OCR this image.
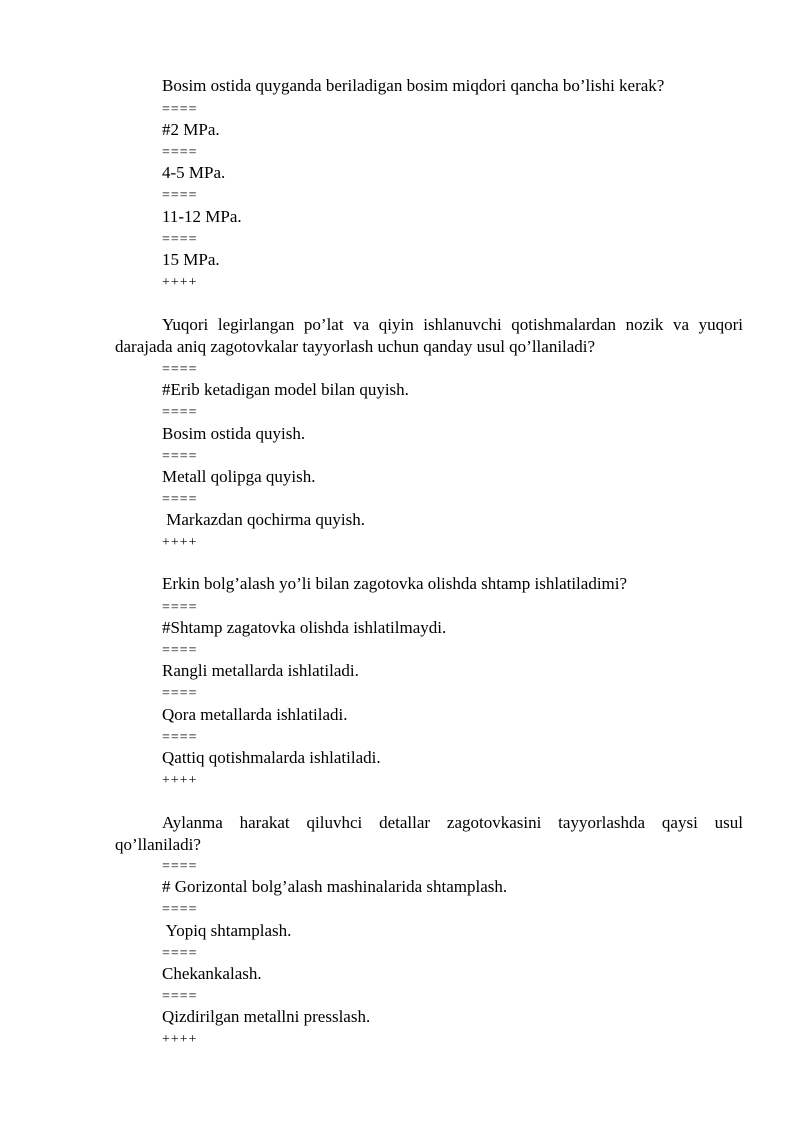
Bosim ostida quyganda beriladigan bosim miqdori qancha bo’lishi kerak?
====
#2 MPa.
====
4-5 MPa.
====
11-12 MPa.
====
15 MPa.
++++
Yuqori legirlangan po’lat va qiyin ishlanuvchi qotishmalardan nozik va yuqori darajada aniq zagotovkalar tayyorlash uchun qanday usul qo’llaniladi?
====
#Erib ketadigan model bilan quyish.
====
Bosim ostida quyish.
====
Metall qolipga quyish.
====
Markazdan qochirma quyish.
++++
Erkin bolg’alash yo’li bilan zagotovka olishda shtamp ishlatiladimi?
====
#Shtamp zagatovka olishda ishlatilmaydi.
====
Rangli metallarda ishlatiladi.
====
Qora metallarda ishlatiladi.
====
Qattiq qotishmalarda ishlatiladi.
++++
Aylanma harakat qiluvhci detallar zagotovkasini tayyorlashda qaysi usul qo’llaniladi?
====
# Gorizontal bolg’alash mashinalarida shtamplash.
====
Yopiq shtamplash.
====
Chekankalash.
====
Qizdirilgan metallni presslash.
++++
